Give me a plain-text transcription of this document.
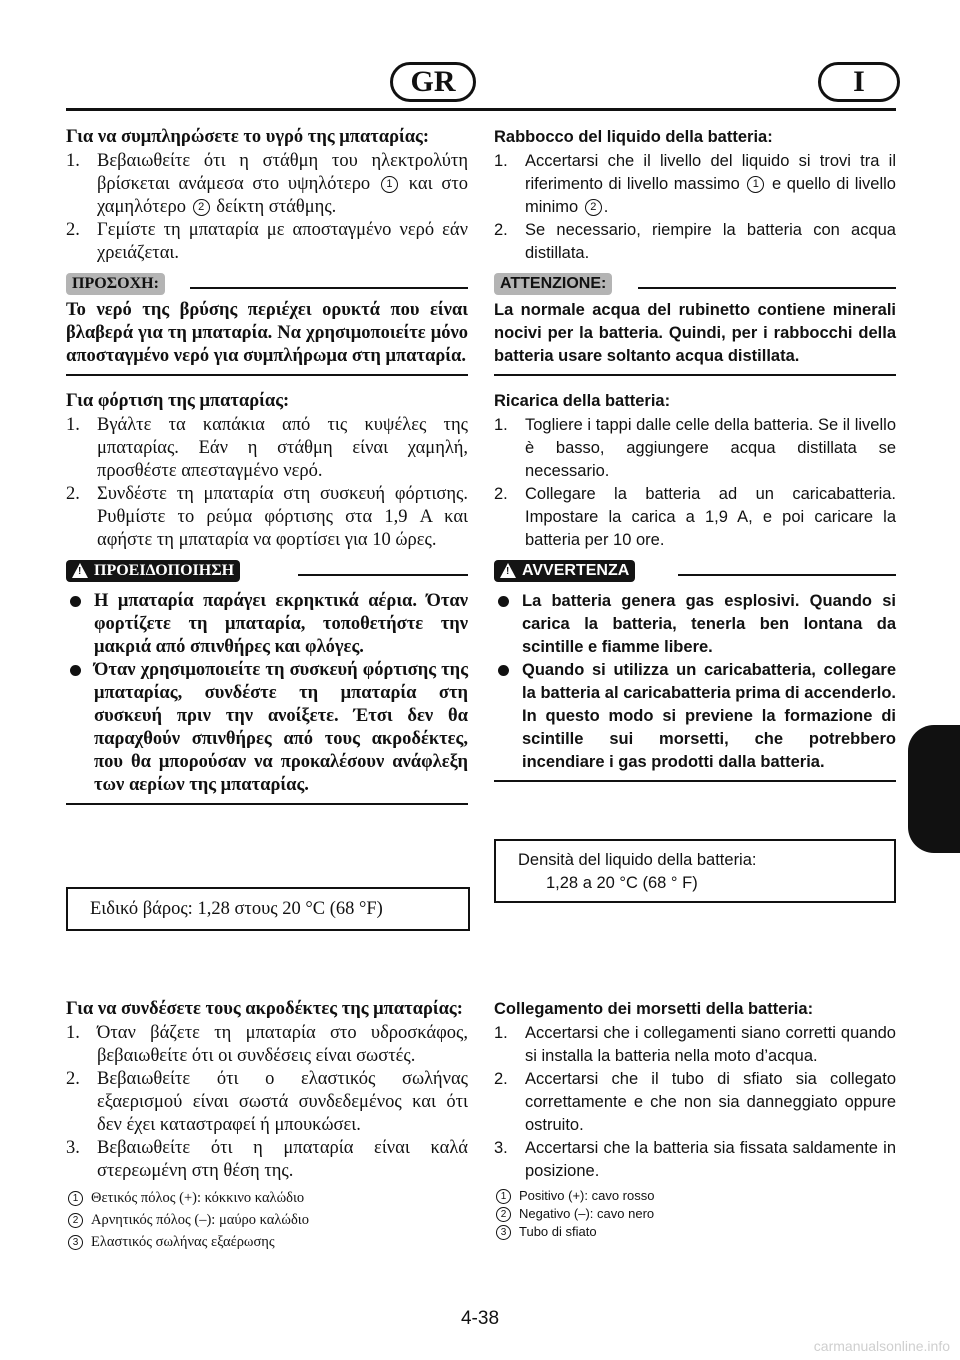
GR	I
Για να συμπληρώσετε το υγρό της μπαταρίας:
1. Βεβαιωθείτε ότι η στάθμη του ηλεκτρολύτη βρίσκεται ανάμεσα στο υψηλότερο 1 και στο χαμηλότερο 2 δείκτη στάθμης.
2. Γεμίστε τη μπαταρία με αποσταγμένο νερό εάν χρειάζεται.
ΠΡΟΣΟΧΗ:
Το νερό της βρύσης περιέχει ορυκτά που είναι βλαβερά για τη μπαταρία. Να χρησιμοποιείτε μόνο αποσταγμένο νερό για συμπλήρωμα στη μπαταρία.
Για φόρτιση της μπαταρίας:
1. Βγάλτε τα καπάκια από τις κυψέλες της μπαταρίας. Εάν η στάθμη είναι χαμηλή, προσθέστε απεσταγμένο νερό.
2. Συνδέστε τη μπαταρία στη συσκευή φόρτισης. Ρυθμίστε το ρεύμα φόρτισης στα 1,9 A και αφήστε τη μπαταρία να φορτίσει για 10 ώρες.
! ΠΡΟΕΙΔΟΠΟΙΗΣΗ
Η μπαταρία παράγει εκρηκτικά αέρια. Όταν φορτίζετε τη μπαταρία, τοποθετήστε την μακριά από σπινθήρες και φλόγες.
Όταν χρησιμοποιείτε τη συσκευή φόρτισης της μπαταρίας, συνδέστε τη μπαταρία στη συσκευή πριν την ανοίξετε. Έτσι δεν θα παραχθούν σπινθήρες από τους ακροδέκτες, που θα μπορούσαν να προκαλέσουν ανάφλεξη των αερίων της μπαταρίας.
Ειδικό βάρος: 1,28 στους 20 °C (68 °F)
Για να συνδέσετε τους ακροδέκτες της μπαταρίας:
1. Όταν βάζετε τη μπαταρία στο υδροσκάφος, βεβαιωθείτε ότι οι συνδέσεις είναι σωστές.
2. Βεβαιωθείτε ότι ο ελαστικός σωλήνας εξαερισμού είναι σωστά συνδεδεμένος και ότι δεν έχει καταστραφεί ή μπουκώσει.
3. Βεβαιωθείτε ότι η μπαταρία είναι καλά στερεωμένη στη θέση της.
1 Θετικός πόλος (+): κόκκινο καλώδιο
2 Αρνητικός πόλος (–): μαύρο καλώδιο
3 Ελαστικός σωλήνας εξαέρωσης
Rabbocco del liquido della batteria:
1. Accertarsi che il livello del liquido si trovi tra il riferimento di livello massimo 1 e quello di livello minimo 2 .
2. Se necessario, riempire la batteria con acqua distillata.
ATTENZIONE:
La normale acqua del rubinetto contiene minerali nocivi per la batteria. Quindi, per i rabbocchi della batteria usare soltanto acqua distillata.
Ricarica della batteria:
1. Togliere i tappi dalle celle della batteria. Se il livello è basso, aggiungere acqua distillata se necessario.
2. Collegare la batteria ad un caricabatteria. Impostare la carica a 1,9 A, e poi caricare la batteria per 10 ore.
! AVVERTENZA
La batteria genera gas esplosivi. Quando si carica la batteria, tenerla ben lontana da scintille e fiamme libere.
Quando si utilizza un caricabatteria, collegare la batteria al caricabatteria prima di accenderlo. In questo modo si previene la formazione di scintille sui morsetti, che potrebbero incendiare i gas prodotti dalla batteria.
Densità del liquido della batteria:
1,28 a 20 °C (68 ° F)
Collegamento dei morsetti della batteria:
1. Accertarsi che i collegamenti siano corretti quando si installa la batteria nella moto d’acqua.
2. Accertarsi che il tubo di sfiato sia collegato correttamente e che non sia danneggiato oppure ostruito.
3. Accertarsi che la batteria sia fissata saldamente in posizione.
1 Positivo (+): cavo rosso
2 Negativo (–): cavo nero
3 Tubo di sfiato
4-38
carmanualsonline.info
